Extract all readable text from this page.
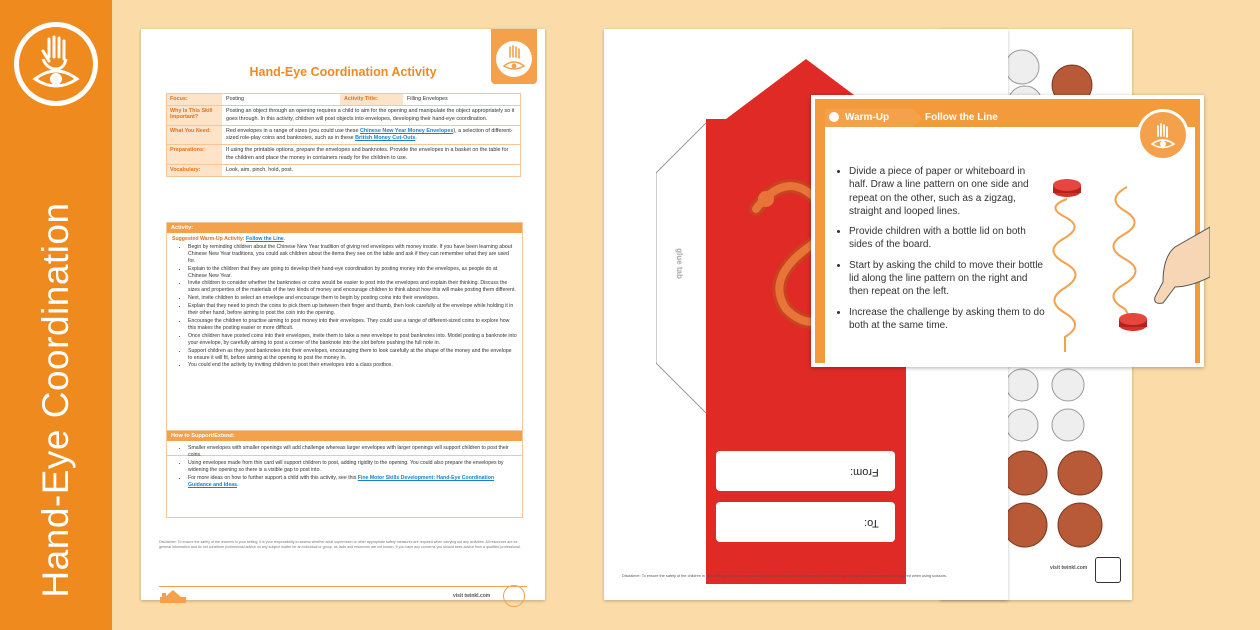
Hand-Eye Coordination
Hand-Eye Coordination Activity
Focus:	Posting	Activity Title:	Filling Envelopes
Why Is This Skill Important?
Posting an object through an opening requires a child to aim for the opening and manipulate the object appropriately so it goes through. In this activity, children will post objects into envelopes, developing their hand-eye coordination.
What You Need:	Red envelopes in a range of sizes (you could use these Chinese New Year Money Envelopes), a selection of different-sized role-play coins and banknotes, such as in these British Money Cut-Outs.
Preparations:	If using the printable options, prepare the envelopes and banknotes. Provide the envelopes in a basket on the table for the children and place the money in containers ready for the children to use.
Vocabulary:	Look, aim, pinch, hold, post.
Activity:
Suggested Warm-Up Activity: Follow the Line.
• Begin by reminding children about the Chinese New Year tradition of giving red envelopes with money inside. If you have been learning about Chinese New Year traditions, you could ask children about the items they see on the table and ask if they can remember what they are used for.
• Explain to the children that they are going to develop their hand-eye coordination by posting money into the envelopes, as people do at Chinese New Year.
• Invite children to consider whether the banknotes or coins would be easier to post into the envelopes and explain their thinking. Discuss the sizes and properties of the materials of the two kinds of money and encourage children to think about how this will make posting them different.
• Next, invite children to select an envelope and encourage them to begin by posting coins into their envelopes.
• Explain that they need to pinch the coins to pick them up between their finger and thumb, then look carefully at the envelope while holding it in their other hand, before aiming to post the coin into the opening.
• Encourage the children to practise aiming to post money into their envelopes. They could use a range of different-sized coins to explore how this makes the posting easier or more difficult.
• Once children have posted coins into their envelopes, invite them to take a new envelope to post banknotes into. Model posting a banknote into your envelope, by carefully aiming to post a corner of the banknote into the slot before pushing the full note in.
• Support children as they post banknotes into their envelopes, encouraging them to look carefully at the shape of the money and the envelope to ensure it will fit, before aiming at the opening to post the money in.
• You could end the activity by inviting children to post their envelopes into a class postbox.
How to Support/Extend:
• Smaller envelopes with smaller openings will add challenge whereas larger envelopes with larger openings will support children to post their coins.
• Using envelopes made from thin card will support children to post, adding rigidity to the opening. You could also prepare the envelopes by widening the opening so there is a visible gap to post into.
• For more ideas on how to further support a child with this activity, see this Fine Motor Skills Development: Hand-Eye Coordination Guidance and Ideas.
Disclaimer: To ensure the safety of the learners in your setting, it is your responsibility to assess whether adult supervision or other appropriate safety measures are required when carrying out any activities. All resources are for general information and do not constitute professional advice on any subject matter for an individual or group, as facts and resources are not known. If you have any concerns you should seek advice from a qualified professional.
visit twinkl.com
visit twinkl.com
glue tab
From:
To:
Disclaimer: To ensure the safety of the children in your setting, it is your responsibility to assess whether adult supervision or other appropriate safety measures are required when using scissors.
Warm-Up	Follow the Line
• Divide a piece of paper or whiteboard in half. Draw a line pattern on one side and repeat on the other, such as a zigzag, straight and looped lines.
• Provide children with a bottle lid on both sides of the board.
• Start by asking the child to move their bottle lid along the line pattern on the right and then repeat on the left.
• Increase the challenge by asking them to do both at the same time.
twinkl.com
